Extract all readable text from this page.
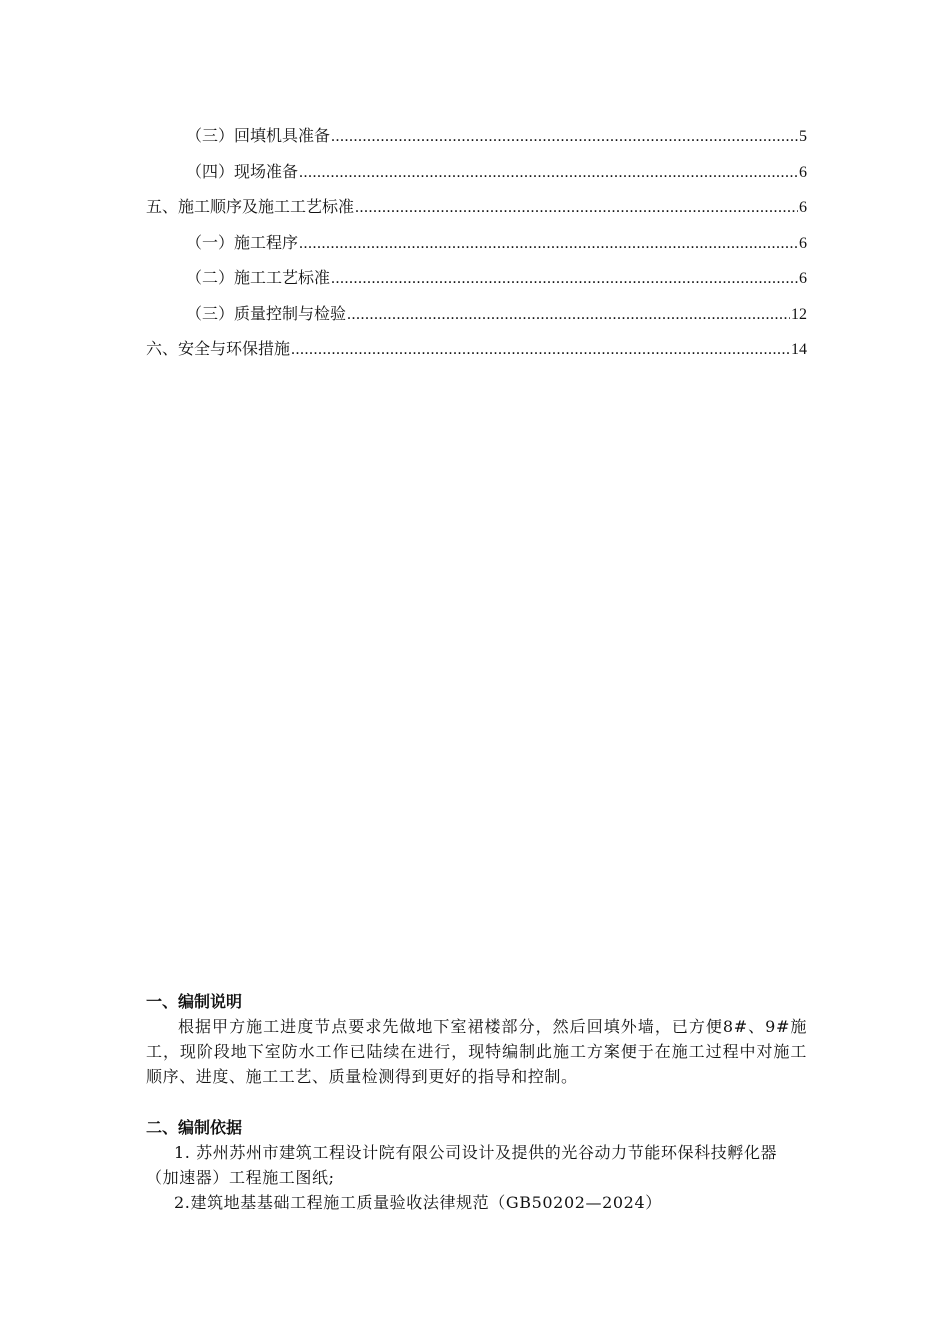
（三）回填机具准备 .....	5
（四）现场准备 .....	6
五、施工顺序及施工工艺标准 .....	6
（一）施工程序 .....	6
（二）施工工艺标准 .....	6
（三）质量控制与检验 .....	12
六、安全与环保措施 .....	14
一、编制说明

根据甲方施工进度节点要求先做地下室裙楼部分，然后回填外墙，已方便8#、9#施工，现阶段地下室防水工作已陆续在进行，现特编制此施工方案便于在施工过程中对施工顺序、进度、施工工艺、质量检测得到更好的指导和控制。

二、编制依据

1. 苏州苏州市建筑工程设计院有限公司设计及提供的光谷动力节能环保科技孵化器（加速器）工程施工图纸;

2.建筑地基基础工程施工质量验收法律规范（GB50202—2024）
